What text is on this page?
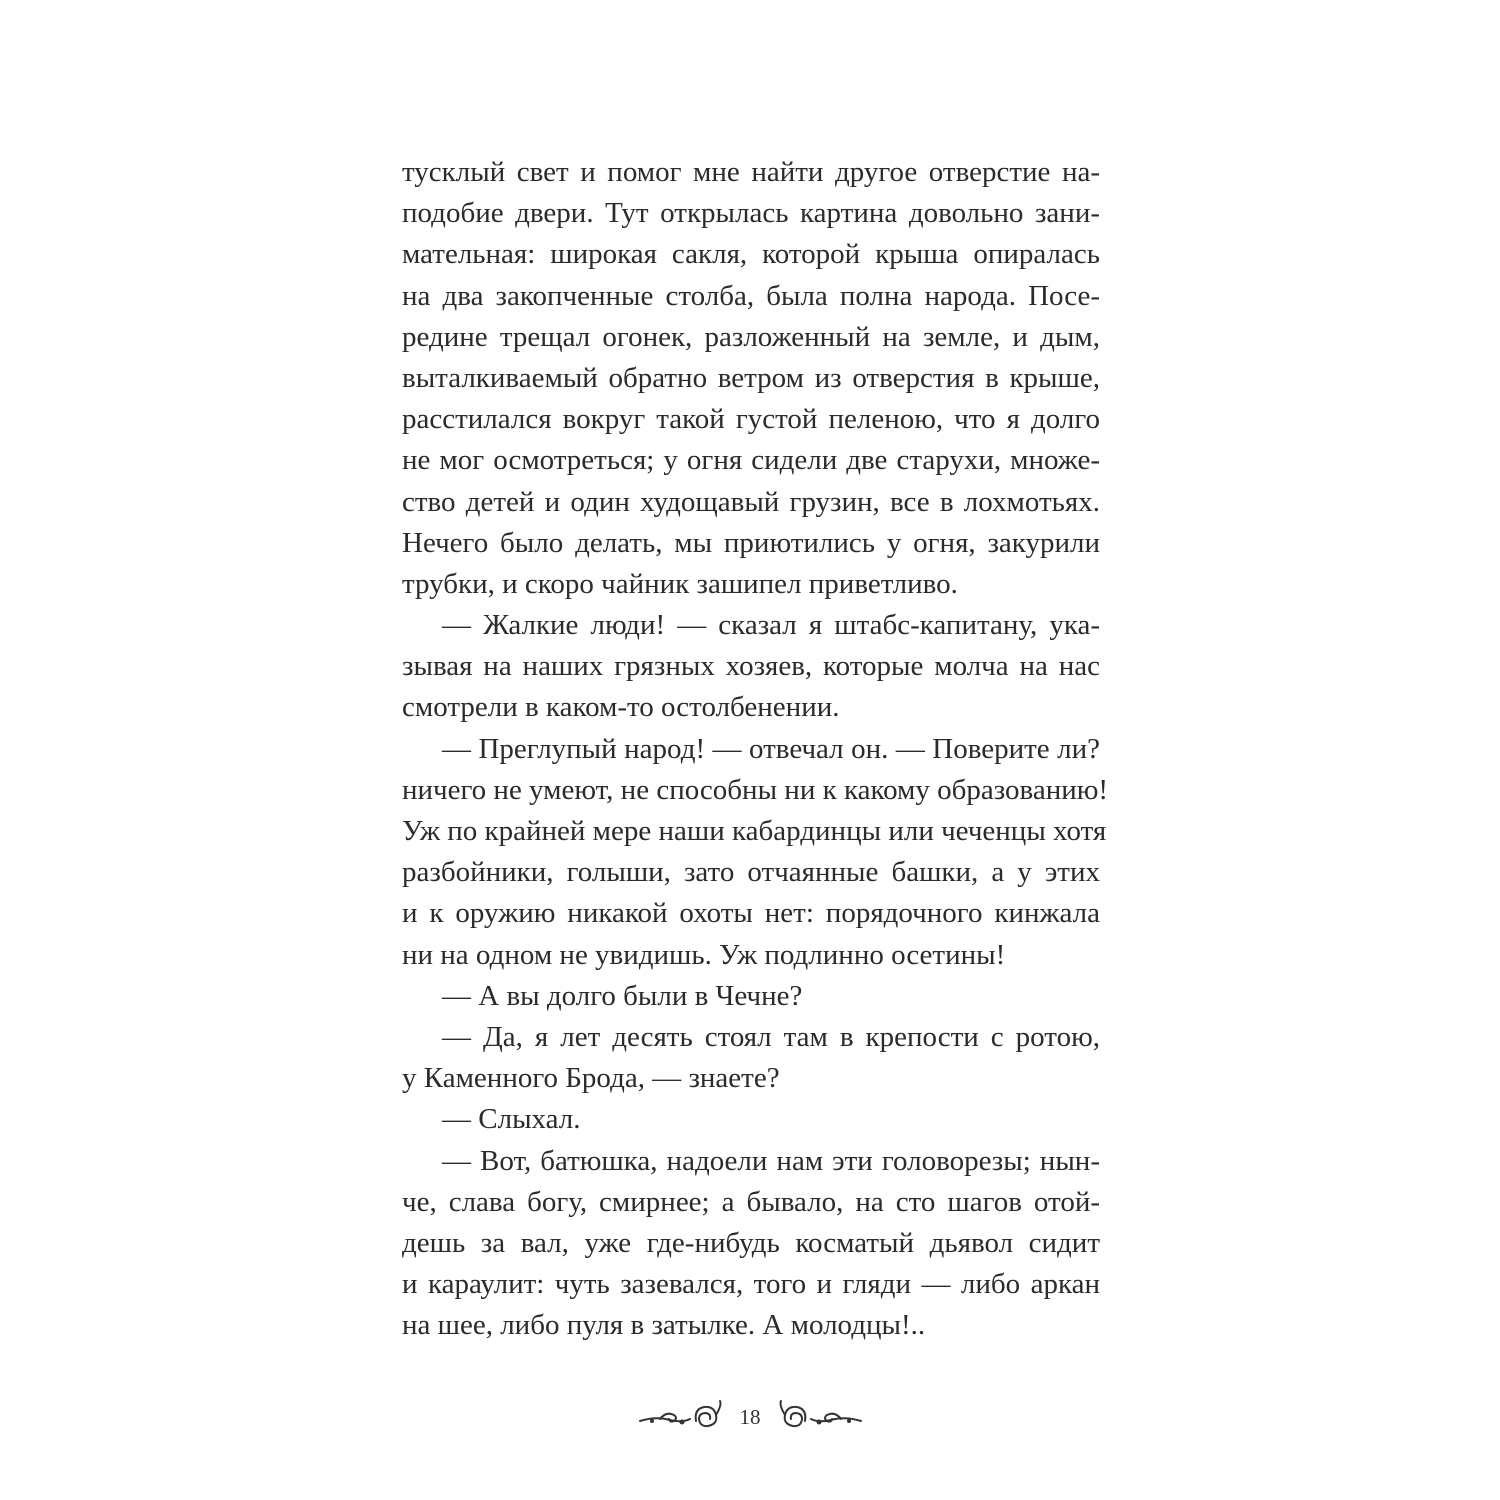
тусклый свет и помог мне найти другое отверстие на-
подобие двери. Тут открылась картина довольно зани-
мательная: широкая сакля, которой крыша опиралась
на два закопченные столба, была полна народа. Посе-
редине трещал огонек, разложенный на земле, и дым,
выталкиваемый обратно ветром из отверстия в крыше,
расстилался вокруг такой густой пеленою, что я долго
не мог осмотреться; у огня сидели две старухи, множе-
ство детей и один худощавый грузин, все в лохмотьях.
Нечего было делать, мы приютились у огня, закурили
трубки, и скоро чайник зашипел приветливо.
— Жалкие люди! — сказал я штабс-капитану, ука-
зывая на наших грязных хозяев, которые молча на нас
смотрели в каком-то остолбенении.
— Преглупый народ! — отвечал он. — Поверите ли?
ничего не умеют, не способны ни к какому образованию!
Уж по крайней мере наши кабардинцы или чеченцы хотя
разбойники, голыши, зато отчаянные башки, а у этих
и к оружию никакой охоты нет: порядочного кинжала
ни на одном не увидишь. Уж подлинно осетины!
— А вы долго были в Чечне?
— Да, я лет десять стоял там в крепости с ротою,
у Каменного Брода, — знаете?
— Слыхал.
— Вот, батюшка, надоели нам эти головорезы; нын-
че, слава богу, смирнее; а бывало, на сто шагов отой-
дешь за вал, уже где-нибудь косматый дьявол сидит
и караулит: чуть зазевался, того и гляди — либо аркан
на шее, либо пуля в затылке. А молодцы!..
18
